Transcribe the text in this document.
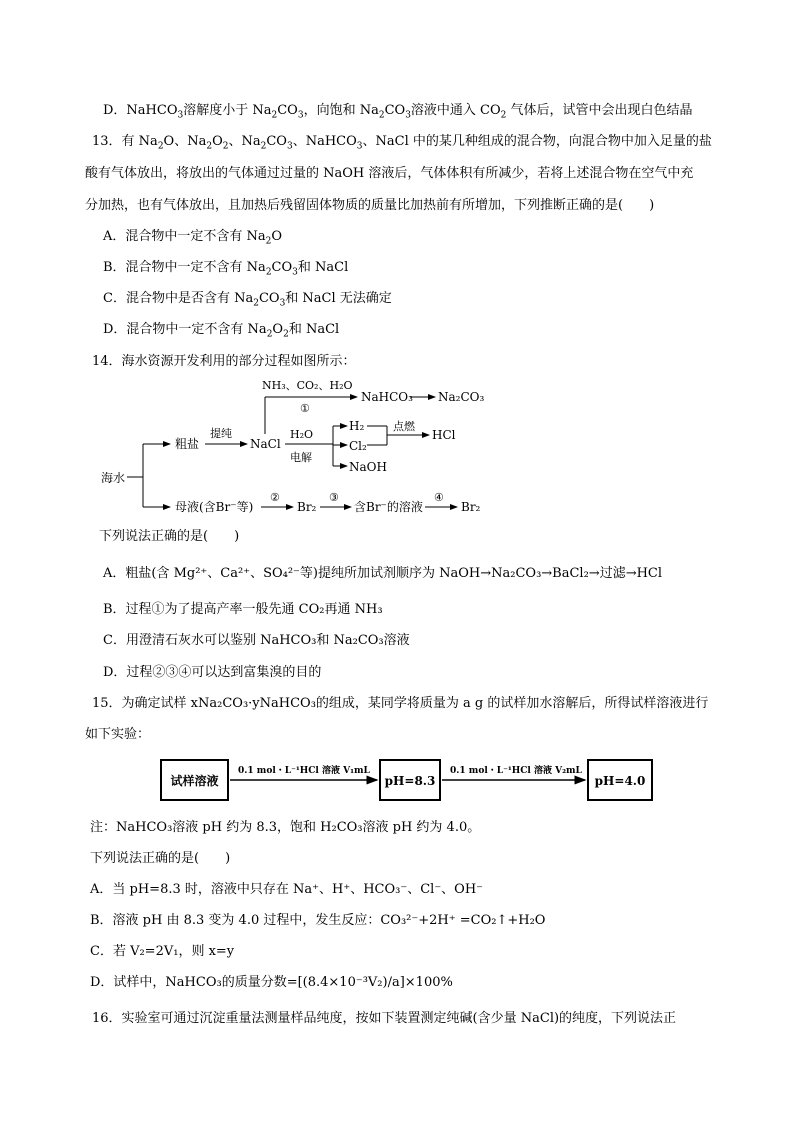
D．NaHCO$_3$溶解度小于 $Na_2CO_3$，向饱和 $Na_2CO_3$溶液中通入 $CO_2$ 气体后，试管中会出现白色结晶
13．有 $Na_2O$、$Na_2O_2$、$Na_2CO_3$、NaHCO$_3$、NaCl 中的某几种组成的混合物，向混合物中加入足量的盐
酸有气体放出，将放出的气体通过过量的 NaOH 溶液后，气体体积有所减少，若将上述混合物在空气中充
分加热，也有气体放出，且加热后残留固体物质的质量比加热前有所增加，下列推断正确的是(　　)
A．混合物中一定不含有 $Na_2O$
B．混合物中一定不含有 $Na_2CO_3$和 NaCl
C．混合物中是否含有 $Na_2CO_3$和 NaCl 无法确定
D．混合物中一定不含有 $Na_2O_2$和 NaCl
14．海水资源开发利用的部分过程如图所示：
海水
粗盐
提纯
NaCl
NH₃、CO₂、H₂O
①
NaHCO₃ Na₂CO₃
H₂O
电解
H₂
Cl₂
NaOH
点燃
HCl
母液(含Br⁻等)
②
Br₂
③
含Br⁻的溶液
④
Br₂
下列说法正确的是(　　)
A．粗盐(含 Mg²⁺、Ca²⁺、SO₄²⁻等)提纯所加试剂顺序为 NaOH→Na₂CO₃→BaCl₂→过滤→HCl
B．过程①为了提高产率一般先通 CO₂再通 NH₃
C．用澄清石灰水可以鉴别 NaHCO₃和 Na₂CO₃溶液
D．过程②③④可以达到富集溴的目的
15．为确定试样 xNa₂CO₃·yNaHCO₃的组成，某同学将质量为 a g 的试样加水溶解后，所得试样溶液进行
如下实验：
试样溶液
0.1 mol・L⁻¹HCl 溶液 V₁mL
pH=8.3
0.1 mol・L⁻¹HCl 溶液 V₂mL
pH=4.0
注：NaHCO₃溶液 pH 约为 8.3，饱和 H₂CO₃溶液 pH 约为 4.0。
下列说法正确的是(　　)
A．当 pH=8.3 时，溶液中只存在 Na⁺、H⁺、HCO₃⁻、Cl⁻、OH⁻
B．溶液 pH 由 8.3 变为 4.0 过程中，发生反应：CO₃²⁻+2H⁺ =CO₂↑+H₂O
C．若 V₂=2V₁，则 x=y
D．试样中，NaHCO₃的质量分数=[(8.4×10⁻³V₂)/a]×100%
16．实验室可通过沉淀重量法测量样品纯度，按如下装置测定纯碱(含少量 NaCl)的纯度，下列说法正
